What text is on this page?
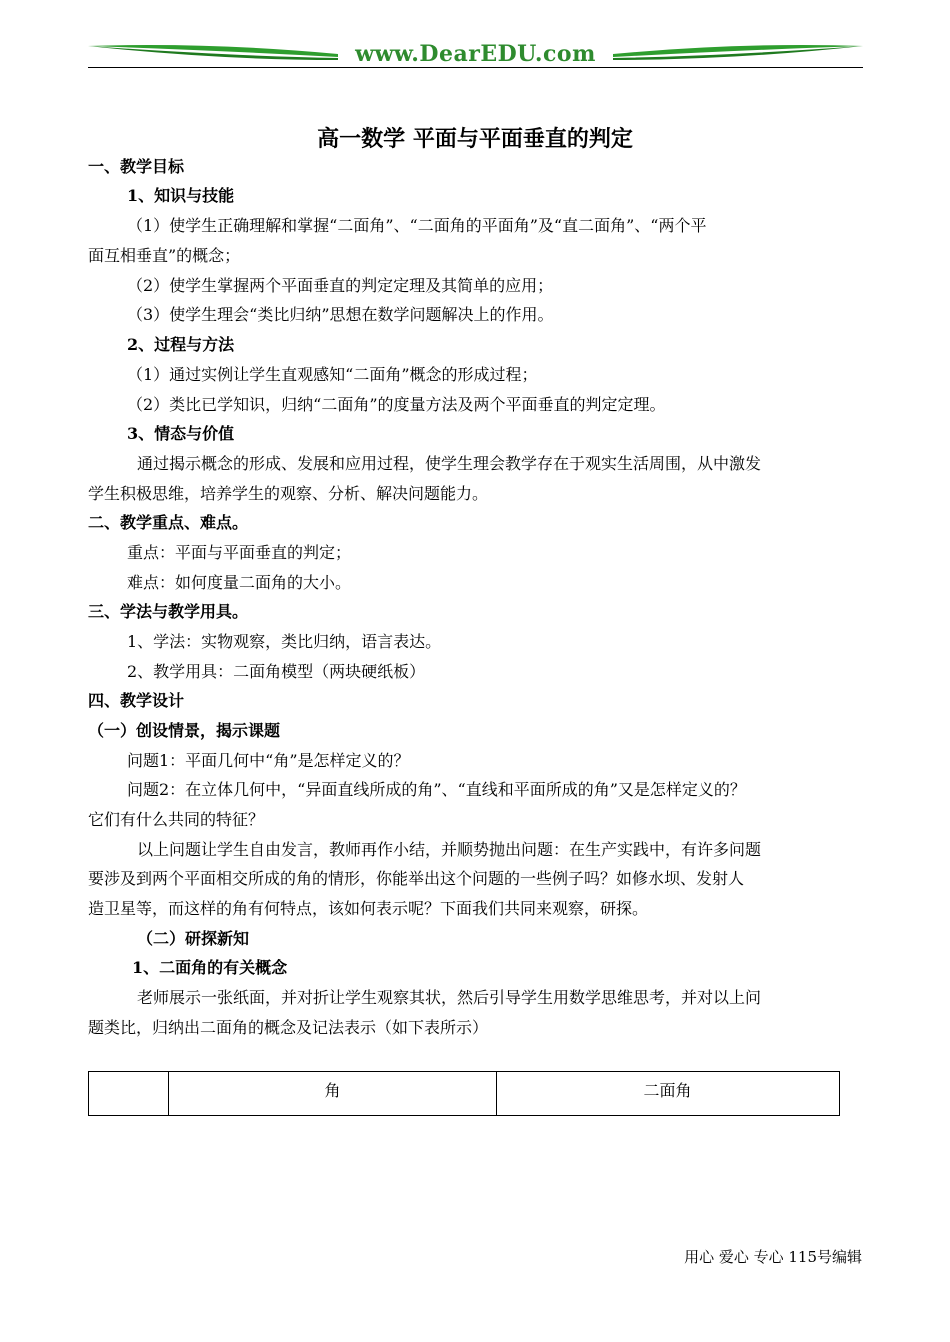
www.DearEDU.com
高一数学 平面与平面垂直的判定
一、教学目标
1、知识与技能
（1）使学生正确理解和掌握“二面角”、“二面角的平面角”及“直二面角”、“两个平
面互相垂直”的概念；
（2）使学生掌握两个平面垂直的判定定理及其简单的应用；
（3）使学生理会“类比归纳”思想在数学问题解决上的作用。
2、过程与方法
（1）通过实例让学生直观感知“二面角”概念的形成过程；
（2）类比已学知识，归纳“二面角”的度量方法及两个平面垂直的判定定理。
3、情态与价值
通过揭示概念的形成、发展和应用过程，使学生理会教学存在于观实生活周围，从中激发
学生积极思维，培养学生的观察、分析、解决问题能力。
二、教学重点、难点。
重点：平面与平面垂直的判定；
难点：如何度量二面角的大小。
三、学法与教学用具。
1、学法：实物观察，类比归纳，语言表达。
2、教学用具：二面角模型（两块硬纸板）
四、教学设计
（一）创设情景，揭示课题
问题1：平面几何中“角”是怎样定义的？
问题2：在立体几何中，“异面直线所成的角”、“直线和平面所成的角”又是怎样定义的？
它们有什么共同的特征？
以上问题让学生自由发言，教师再作小结，并顺势抛出问题：在生产实践中，有许多问题
要涉及到两个平面相交所成的角的情形，你能举出这个问题的一些例子吗？如修水坝、发射人
造卫星等，而这样的角有何特点，该如何表示呢？下面我们共同来观察，研探。
（二）研探新知
1、二面角的有关概念
老师展示一张纸面，并对折让学生观察其状，然后引导学生用数学思维思考，并对以上问
题类比，归纳出二面角的概念及记法表示（如下表所示）
角	二面角
用心 爱心 专心 115号编辑
